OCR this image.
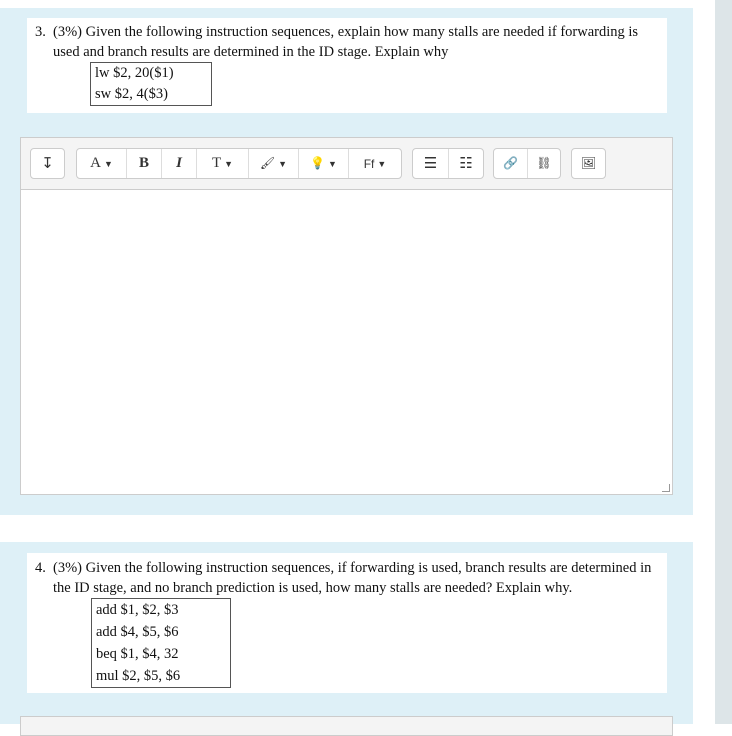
3. (3%) Given the following instruction sequences, explain how many stalls are needed if forwarding is
used and branch results are determined in the ID stage. Explain why
lw $2, 20($1)
sw $2, 4($3)
↧ A ▼ B I T ▼ 🖌 ▼ 💡 ▼ Ff ▼ ☰ ☷	🔗 ⛓ 🖼
4. (3%) Given the following instruction sequences, if forwarding is used, branch results are determined in
the ID stage, and no branch prediction is used, how many stalls are needed? Explain why.
add $1, $2, $3
add $4, $5, $6
beq $1, $4, 32
mul $2, $5, $6
